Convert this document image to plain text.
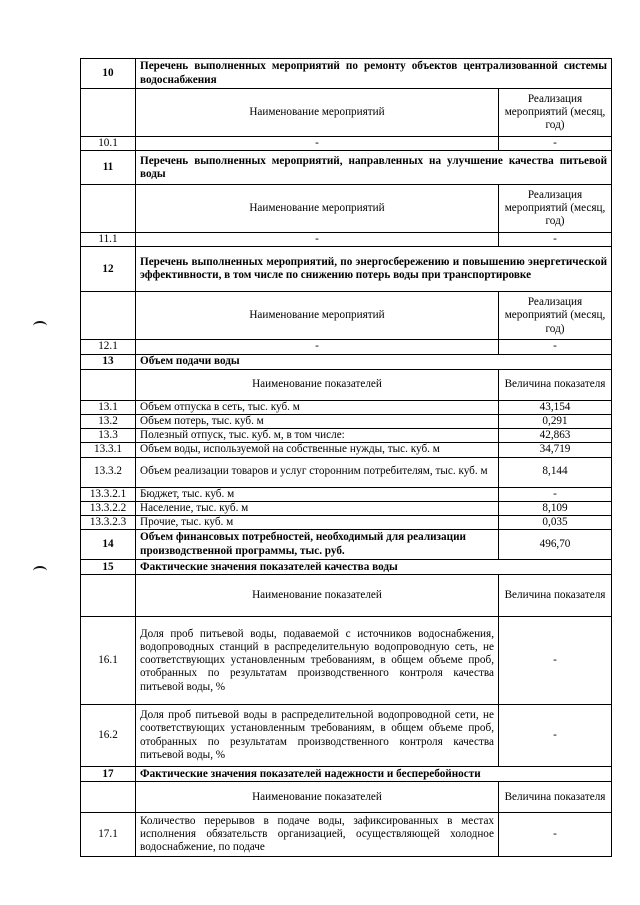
10	Перечень выполненных мероприятий по ремонту объектов централизованной системы водоснабжения	
	Наименование мероприятий	Реализация мероприятий (месяц, год)
10.1	-	-
11	Перечень выполненных мероприятий, направленных на улучшение качества питьевой воды	
	Наименование мероприятий	Реализация мероприятий (месяц, год)
11.1	-	-
12	Перечень выполненных мероприятий, по энергосбережению и повышению энергетической эффективности, в том числе по снижению потерь воды при транспортировке	
	Наименование мероприятий	Реализация мероприятий (месяц, год)
12.1	-	-
13	Объем подачи воды	
	Наименование показателей	Величина показателя
13.1	Объем отпуска в сеть, тыс. куб. м	43,154
13.2	Объем потерь, тыс. куб. м	0,291
13.3	Полезный отпуск, тыс. куб. м, в том числе:	42,863
13.3.1	Объем воды, используемой на собственные нужды, тыс. куб. м	34,719
13.3.2	Объем реализации товаров и услуг сторонним потребителям, тыс. куб. м	8,144
13.3.2.1	Бюджет, тыс. куб. м	-
13.3.2.2	Население, тыс. куб. м	8,109
13.3.2.3	Прочие, тыс. куб. м	0,035
14	Объем финансовых потребностей, необходимый для реализации производственной программы, тыс. руб.	496,70
15	Фактические значения показателей качества воды	
	Наименование показателей	Величина показателя
16.1	Доля проб питьевой воды, подаваемой с источников водоснабжения, водопроводных станций в распределительную водопроводную сеть, не соответствующих установленным требованиям, в общем объеме проб, отобранных по результатам производственного контроля качества питьевой воды, %	-
16.2	Доля проб питьевой воды в распределительной водопроводной сети, не соответствующих установленным требованиям, в общем объеме проб, отобранных по результатам производственного контроля качества питьевой воды, %	-
17	Фактические значения показателей надежности и бесперебойности	
	Наименование показателей	Величина показателя
17.1	Количество перерывов в подаче воды, зафиксированных в местах исполнения обязательств организацией, осуществляющей холодное водоснабжение, по подаче	-
